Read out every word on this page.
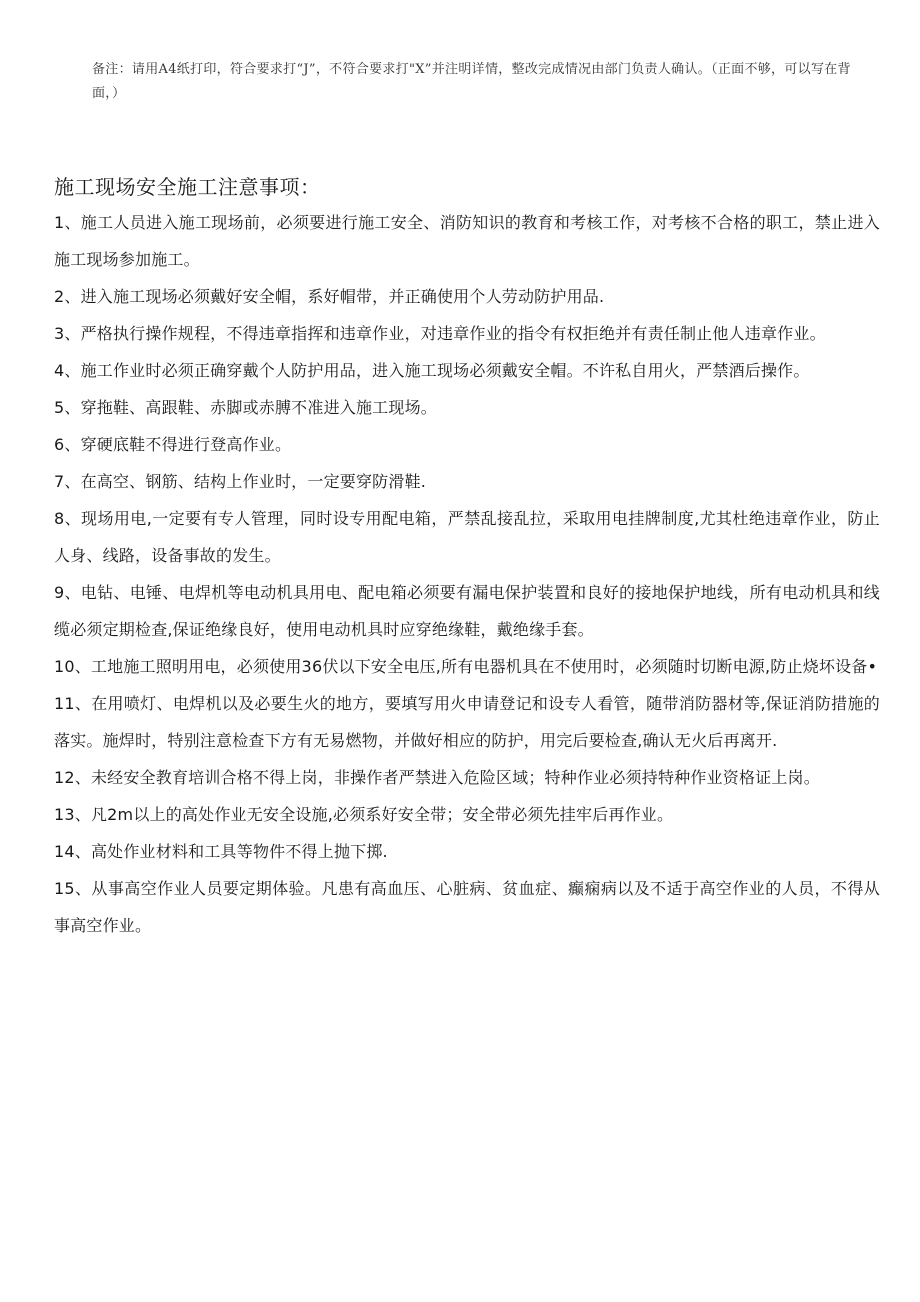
备注：请用A4纸打印，符合要求打“J”，不符合要求打"X”并注明详情，整改完成情况由部门负责人确认。（正面不够，可以写在背面，）
施工现场安全施工注意事项：
1、施工人员进入施工现场前，必须要进行施工安全、消防知识的教育和考核工作，对考核不合格的职工，禁止进入施工现场参加施工。
2、进入施工现场必须戴好安全帽，系好帽带，并正确使用个人劳动防护用品.
3、严格执行操作规程，不得违章指挥和违章作业，对违章作业的指令有权拒绝并有责任制止他人违章作业。
4、施工作业时必须正确穿戴个人防护用品，进入施工现场必须戴安全帽。不许私自用火，严禁酒后操作。
5、穿拖鞋、高跟鞋、赤脚或赤膊不准进入施工现场。
6、穿硬底鞋不得进行登高作业。
7、在高空、钢筋、结构上作业时，一定要穿防滑鞋.
8、现场用电,一定要有专人管理，同时设专用配电箱，严禁乱接乱拉，采取用电挂牌制度,尤其杜绝违章作业，防止人身、线路，设备事故的发生。
9、电钻、电锤、电焊机等电动机具用电、配电箱必须要有漏电保护装置和良好的接地保护地线，所有电动机具和线缆必须定期检查,保证绝缘良好，使用电动机具时应穿绝缘鞋，戴绝缘手套。
10、工地施工照明用电，必须使用36伏以下安全电压,所有电器机具在不使用时，必须随时切断电源,防止烧坏设备•
11、在用喷灯、电焊机以及必要生火的地方，要填写用火申请登记和设专人看管，随带消防器材等,保证消防措施的落实。施焊时，特别注意检查下方有无易燃物，并做好相应的防护，用完后要检查,确认无火后再离开.
12、未经安全教育培训合格不得上岗，非操作者严禁进入危险区域；特种作业必须持特种作业资格证上岗。
13、凡2m以上的高处作业无安全设施,必须系好安全带；安全带必须先挂牢后再作业。
14、高处作业材料和工具等物件不得上抛下掷.
15、从事高空作业人员要定期体验。凡患有高血压、心脏病、贫血症、癫痫病以及不适于高空作业的人员，不得从事高空作业。
